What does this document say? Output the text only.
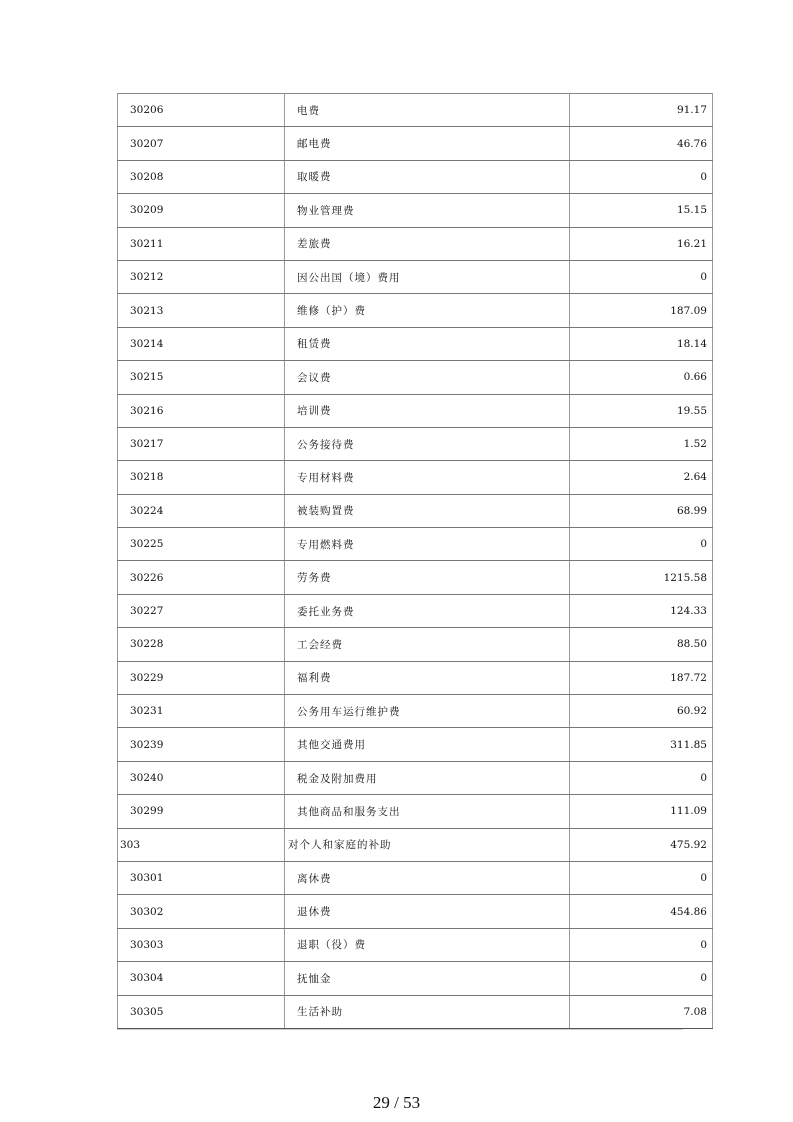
30206	电费	91.17
30207	邮电费	46.76
30208	取暖费	0
30209	物业管理费	15.15
30211	差旅费	16.21
30212	因公出国（境）费用	0
30213	维修（护）费	187.09
30214	租赁费	18.14
30215	会议费	0.66
30216	培训费	19.55
30217	公务接待费	1.52
30218	专用材料费	2.64
30224	被装购置费	68.99
30225	专用燃料费	0
30226	劳务费	1215.58
30227	委托业务费	124.33
30228	工会经费	88.50
30229	福利费	187.72
30231	公务用车运行维护费	60.92
30239	其他交通费用	311.85
30240	税金及附加费用	0
30299	其他商品和服务支出	111.09
303	对个人和家庭的补助	475.92
30301	离休费	0
30302	退休费	454.86
30303	退职（役）费	0
30304	抚恤金	0
30305	生活补助	7.08
29 / 53
